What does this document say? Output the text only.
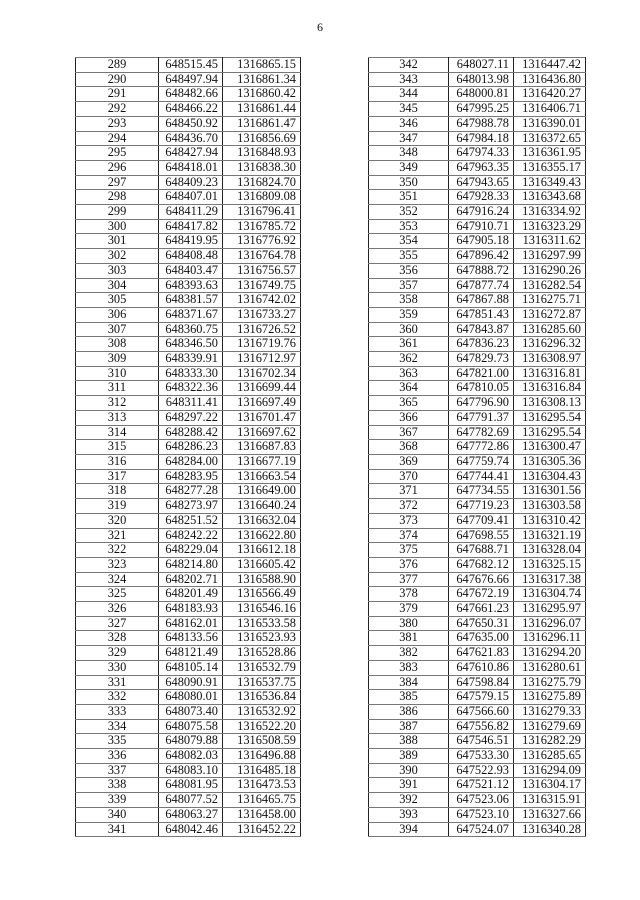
6
289	648515.45	1316865.15
290	648497.94	1316861.34
291	648482.66	1316860.42
292	648466.22	1316861.44
293	648450.92	1316861.47
294	648436.70	1316856.69
295	648427.94	1316848.93
296	648418.01	1316838.30
297	648409.23	1316824.70
298	648407.01	1316809.08
299	648411.29	1316796.41
300	648417.82	1316785.72
301	648419.95	1316776.92
302	648408.48	1316764.78
303	648403.47	1316756.57
304	648393.63	1316749.75
305	648381.57	1316742.02
306	648371.67	1316733.27
307	648360.75	1316726.52
308	648346.50	1316719.76
309	648339.91	1316712.97
310	648333.30	1316702.34
311	648322.36	1316699.44
312	648311.41	1316697.49
313	648297.22	1316701.47
314	648288.42	1316697.62
315	648286.23	1316687.83
316	648284.00	1316677.19
317	648283.95	1316663.54
318	648277.28	1316649.00
319	648273.97	1316640.24
320	648251.52	1316632.04
321	648242.22	1316622.80
322	648229.04	1316612.18
323	648214.80	1316605.42
324	648202.71	1316588.90
325	648201.49	1316566.49
326	648183.93	1316546.16
327	648162.01	1316533.58
328	648133.56	1316523.93
329	648121.49	1316528.86
330	648105.14	1316532.79
331	648090.91	1316537.75
332	648080.01	1316536.84
333	648073.40	1316532.92
334	648075.58	1316522.20
335	648079.88	1316508.59
336	648082.03	1316496.88
337	648083.10	1316485.18
338	648081.95	1316473.53
339	648077.52	1316465.75
340	648063.27	1316458.00
341	648042.46	1316452.22
342	648027.11	1316447.42
343	648013.98	1316436.80
344	648000.81	1316420.27
345	647995.25	1316406.71
346	647988.78	1316390.01
347	647984.18	1316372.65
348	647974.33	1316361.95
349	647963.35	1316355.17
350	647943.65	1316349.43
351	647928.33	1316343.68
352	647916.24	1316334.92
353	647910.71	1316323.29
354	647905.18	1316311.62
355	647896.42	1316297.99
356	647888.72	1316290.26
357	647877.74	1316282.54
358	647867.88	1316275.71
359	647851.43	1316272.87
360	647843.87	1316285.60
361	647836.23	1316296.32
362	647829.73	1316308.97
363	647821.00	1316316.81
364	647810.05	1316316.84
365	647796.90	1316308.13
366	647791.37	1316295.54
367	647782.69	1316295.54
368	647772.86	1316300.47
369	647759.74	1316305.36
370	647744.41	1316304.43
371	647734.55	1316301.56
372	647719.23	1316303.58
373	647709.41	1316310.42
374	647698.55	1316321.19
375	647688.71	1316328.04
376	647682.12	1316325.15
377	647676.66	1316317.38
378	647672.19	1316304.74
379	647661.23	1316295.97
380	647650.31	1316296.07
381	647635.00	1316296.11
382	647621.83	1316294.20
383	647610.86	1316280.61
384	647598.84	1316275.79
385	647579.15	1316275.89
386	647566.60	1316279.33
387	647556.82	1316279.69
388	647546.51	1316282.29
389	647533.30	1316285.65
390	647522.93	1316294.09
391	647521.12	1316304.17
392	647523.06	1316315.91
393	647523.10	1316327.66
394	647524.07	1316340.28
